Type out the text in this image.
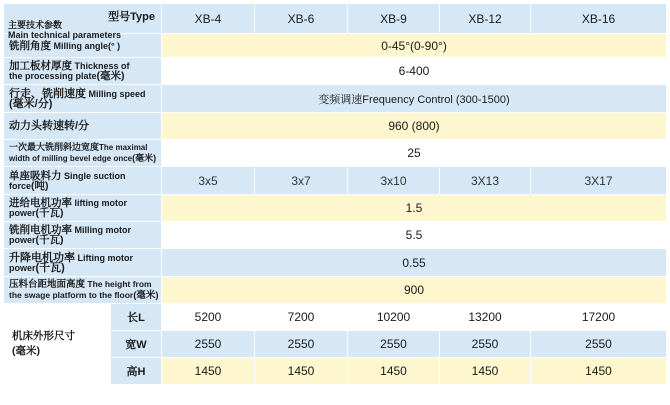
型号Type
主要技术参数
Main technical parameters		XB-4	XB-6	XB-9	XB-12	XB-16
铣削角度 Milling angle(° )		0-45°(0-90°)				
加工板材厚度 Thickness of
the processing plate(毫米)		6-400				
行走、铣削速度 Milling speed
(毫米/分)		变频调速Frequency Control (300-1500)				
动力头转速转/分		960 (800)				
一次最大铣削斜边宽度The maximal
width of milling bevel edge once(毫米)		25				
单座吸料力 Single suction
force(吨)		3x5	3x7	3x10	3X13	3X17
进给电机功率 lifting motor
power(千瓦)		1.5				
铣削电机功率 Milling motor
power(千瓦)		5.5				
升降电机功率 Lifting motor
power(千瓦)		0.55				
压料台距地面高度 The height from
the swage platform to the floor(毫米)		900				
机床外形尺寸
(毫米)	长L	5200	7200	10200	13200	17200
	宽W	2550	2550	2550	2550	2550
	高H	1450	1450	1450	1450	1450
